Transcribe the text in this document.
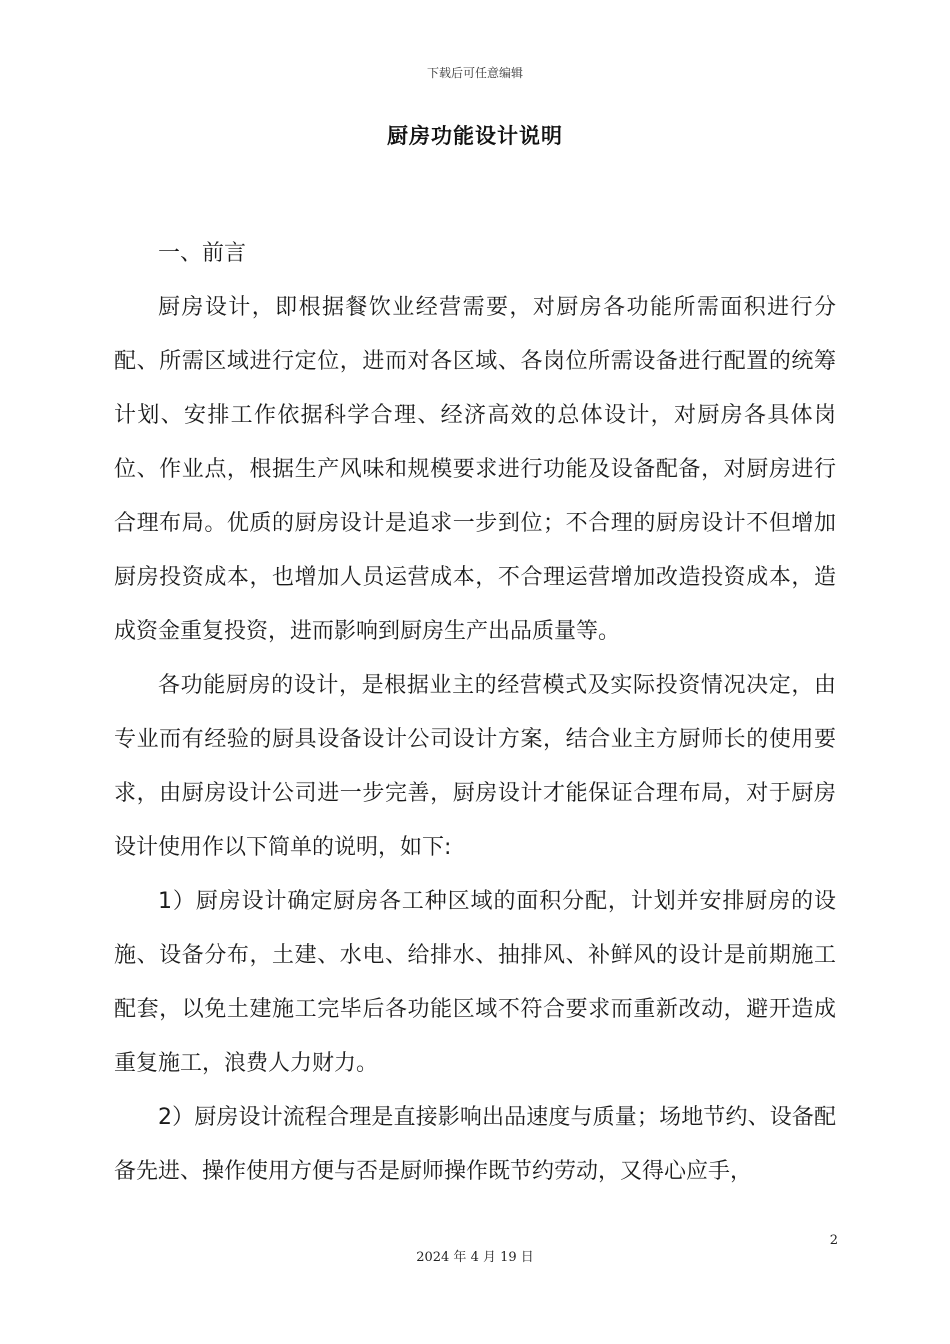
下载后可任意编辑
厨房功能设计说明

一、前言

厨房设计，即根据餐饮业经营需要，对厨房各功能所需面积进行分配、所需区域进行定位，进而对各区域、各岗位所需设备进行配置的统筹计划、安排工作依据科学合理、经济高效的总体设计，对厨房各具体岗位、作业点，根据生产风味和规模要求进行功能及设备配备，对厨房进行合理布局。优质的厨房设计是追求一步到位；不合理的厨房设计不但增加厨房投资成本，也增加人员运营成本，不合理运营增加改造投资成本，造成资金重复投资，进而影响到厨房生产出品质量等。

各功能厨房的设计，是根据业主的经营模式及实际投资情况决定，由专业而有经验的厨具设备设计公司设计方案，结合业主方厨师长的使用要求，由厨房设计公司进一步完善，厨房设计才能保证合理布局，对于厨房设计使用作以下简单的说明，如下:

1）厨房设计确定厨房各工种区域的面积分配，计划并安排厨房的设施、设备分布，土建、水电、给排水、抽排风、补鲜风的设计是前期施工配套，以免土建施工完毕后各功能区域不符合要求而重新改动，避开造成重复施工，浪费人力财力。

2）厨房设计流程合理是直接影响出品速度与质量；场地节约、设备配备先进、操作使用方便与否是厨师操作既节约劳动，又得心应手，

2
2024 年 4 月 19 日
